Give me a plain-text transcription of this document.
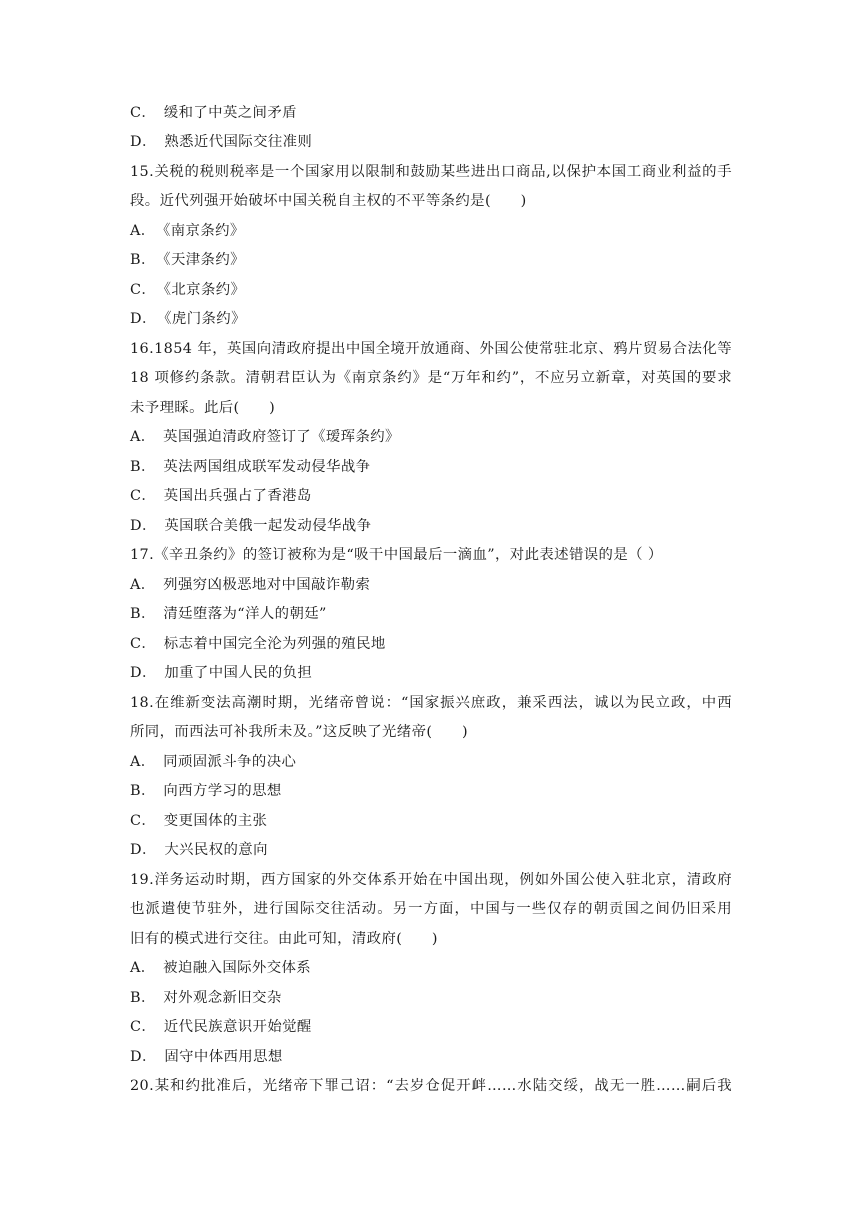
C．　缓和了中英之间矛盾
D．　熟悉近代国际交往准则
15.关税的税则税率是一个国家用以限制和鼓励某些进出口商品,以保护本国工商业利益的手
段。近代列强开始破坏中国关税自主权的不平等条约是(　　)
A．　《南京条约》
B．　《天津条约》
C．　《北京条约》
D．　《虎门条约》
16.1854 年，英国向清政府提出中国全境开放通商、外国公使常驻北京、鸦片贸易合法化等
18 项修约条款。清朝君臣认为《南京条约》是“万年和约”，不应另立新章，对英国的要求
未予理睬。此后(　　)
A．　英国强迫清政府签订了《瑷珲条约》
B．　英法两国组成联军发动侵华战争
C．　英国出兵强占了香港岛
D．　英国联合美俄一起发动侵华战争
17.《辛丑条约》的签订被称为是“吸干中国最后一滴血”，对此表述错误的是（ ）
A．　列强穷凶极恶地对中国敲诈勒索
B．　清廷堕落为“洋人的朝廷”
C．　标志着中国完全沦为列强的殖民地
D．　加重了中国人民的负担
18.在维新变法高潮时期，光绪帝曾说：“国家振兴庶政，兼采西法，诚以为民立政，中西
所同，而西法可补我所未及。”这反映了光绪帝(　　)
A．　同顽固派斗争的决心
B．　向西方学习的思想
C．　变更国体的主张
D．　大兴民权的意向
19.洋务运动时期，西方国家的外交体系开始在中国出现，例如外国公使入驻北京，清政府
也派遣使节驻外，进行国际交往活动。另一方面，中国与一些仅存的朝贡国之间仍旧采用
旧有的模式进行交往。由此可知，清政府(　　)
A．　被迫融入国际外交体系
B．　对外观念新旧交杂
C．　近代民族意识开始觉醒
D．　固守中体西用思想
20.某和约批准后，光绪帝下罪己诏：“去岁仓促开衅……水陆交绥，战无一胜……嗣后我
